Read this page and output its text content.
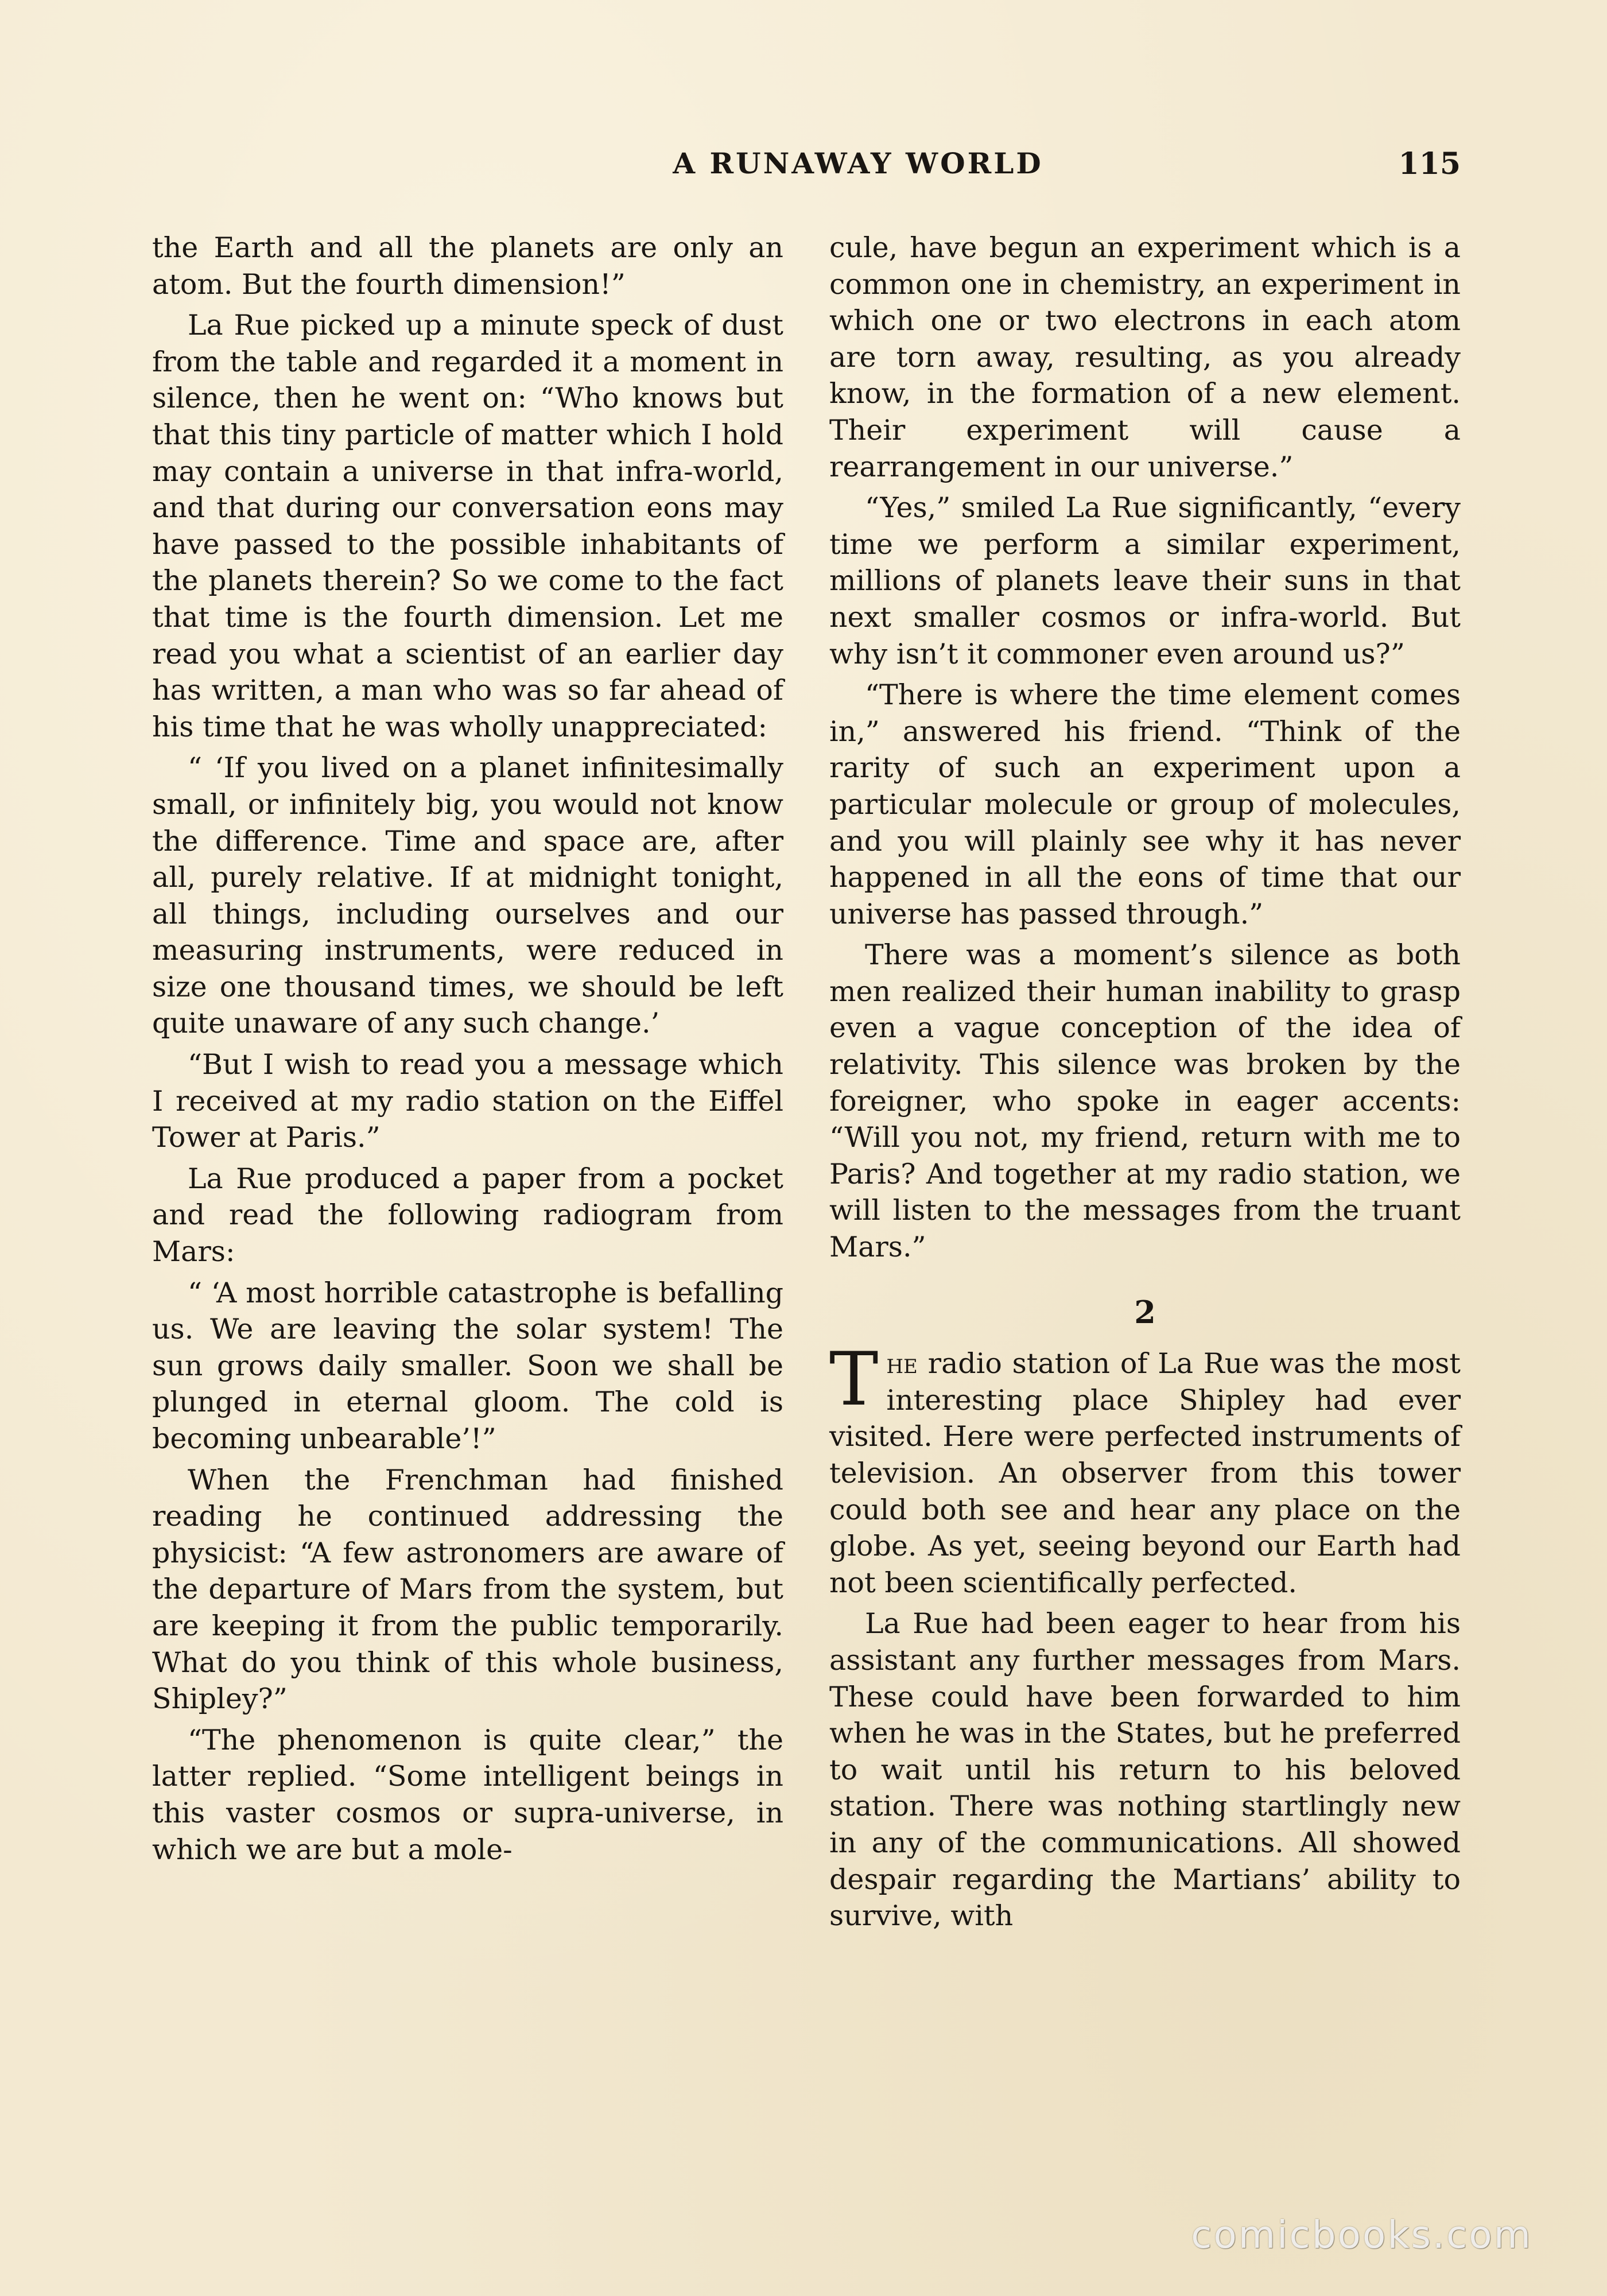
A RUNAWAY WORLD	115

the Earth and all the planets are only an atom. But the fourth dimension!”

La Rue picked up a minute speck of dust from the table and regarded it a moment in silence, then he went on: “Who knows but that this tiny particle of matter which I hold may contain a universe in that infra-world, and that during our conversation eons may have passed to the possible inhabitants of the planets therein? So we come to the fact that time is the fourth dimension. Let me read you what a scientist of an earlier day has written, a man who was so far ahead of his time that he was wholly unappreciated:

“ ‘If you lived on a planet infinitesimally small, or infinitely big, you would not know the difference. Time and space are, after all, purely relative. If at midnight tonight, all things, including ourselves and our measuring instruments, were reduced in size one thousand times, we should be left quite unaware of any such change.’

“But I wish to read you a message which I received at my radio station on the Eiffel Tower at Paris.”

La Rue produced a paper from a pocket and read the following radiogram from Mars:

“ ‘A most horrible catastrophe is befalling us. We are leaving the solar system! The sun grows daily smaller. Soon we shall be plunged in eternal gloom. The cold is becoming unbearable’!”

When the Frenchman had finished reading he continued addressing the physicist: “A few astronomers are aware of the departure of Mars from the system, but are keeping it from the public temporarily. What do you think of this whole business, Shipley?”

“The phenomenon is quite clear,” the latter replied. “Some intelligent beings in this vaster cosmos or supra-universe, in which we are but a mole-

cule, have begun an experiment which is a common one in chemistry, an experiment in which one or two electrons in each atom are torn away, resulting, as you already know, in the formation of a new element. Their experiment will cause a rearrangement in our universe.”

“Yes,” smiled La Rue significantly, “every time we perform a similar experiment, millions of planets leave their suns in that next smaller cosmos or infra-world. But why isn’t it commoner even around us?”

“There is where the time element comes in,” answered his friend. “Think of the rarity of such an experiment upon a particular molecule or group of molecules, and you will plainly see why it has never happened in all the eons of time that our universe has passed through.”

There was a moment’s silence as both men realized their human inability to grasp even a vague conception of the idea of relativity. This silence was broken by the foreigner, who spoke in eager accents: “Will you not, my friend, return with me to Paris? And together at my radio station, we will listen to the messages from the truant Mars.”

2

The radio station of La Rue was the most interesting place Shipley had ever visited. Here were perfected instruments of television. An observer from this tower could both see and hear any place on the globe. As yet, seeing beyond our Earth had not been scientifically perfected.

La Rue had been eager to hear from his assistant any further messages from Mars. These could have been forwarded to him when he was in the States, but he preferred to wait until his return to his beloved station. There was nothing startlingly new in any of the communications. All showed despair regarding the Martians’ ability to survive, with

comicbooks.com
